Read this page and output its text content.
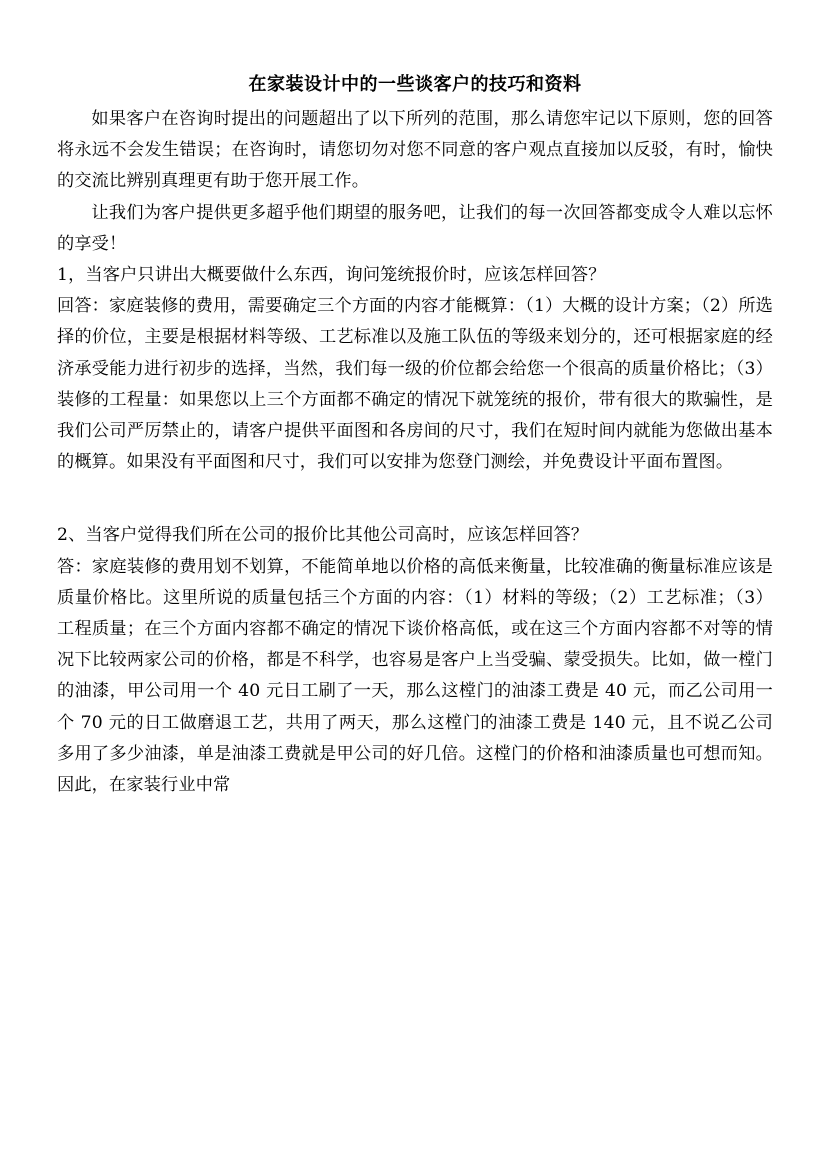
在家装设计中的一些谈客户的技巧和资料

如果客户在咨询时提出的问题超出了以下所列的范围，那么请您牢记以下原则，您的回答将永远不会发生错误；在咨询时，请您切勿对您不同意的客户观点直接加以反驳，有时，愉快的交流比辨别真理更有助于您开展工作。

让我们为客户提供更多超乎他们期望的服务吧，让我们的每一次回答都变成令人难以忘怀的享受！

1，当客户只讲出大概要做什么东西，询问笼统报价时，应该怎样回答？

回答：家庭装修的费用，需要确定三个方面的内容才能概算：（1）大概的设计方案；（2）所选择的价位，主要是根据材料等级、工艺标准以及施工队伍的等级来划分的，还可根据家庭的经济承受能力进行初步的选择，当然，我们每一级的价位都会给您一个很高的质量价格比；（3）装修的工程量：如果您以上三个方面都不确定的情况下就笼统的报价，带有很大的欺骗性，是我们公司严厉禁止的，请客户提供平面图和各房间的尺寸，我们在短时间内就能为您做出基本的概算。如果没有平面图和尺寸，我们可以安排为您登门测绘，并免费设计平面布置图。

2、当客户觉得我们所在公司的报价比其他公司高时，应该怎样回答？

答：家庭装修的费用划不划算，不能简单地以价格的高低来衡量，比较准确的衡量标准应该是质量价格比。这里所说的质量包括三个方面的内容：（1）材料的等级；（2）工艺标准；（3）工程质量；在三个方面内容都不确定的情况下谈价格高低，或在这三个方面内容都不对等的情况下比较两家公司的价格，都是不科学，也容易是客户上当受骗、蒙受损失。比如，做一樘门的油漆，甲公司用一个 40 元日工刷了一天，那么这樘门的油漆工费是 40 元，而乙公司用一个 70 元的日工做磨退工艺，共用了两天，那么这樘门的油漆工费是 140 元，且不说乙公司多用了多少油漆，单是油漆工费就是甲公司的好几倍。这樘门的价格和油漆质量也可想而知。因此，在家装行业中常
